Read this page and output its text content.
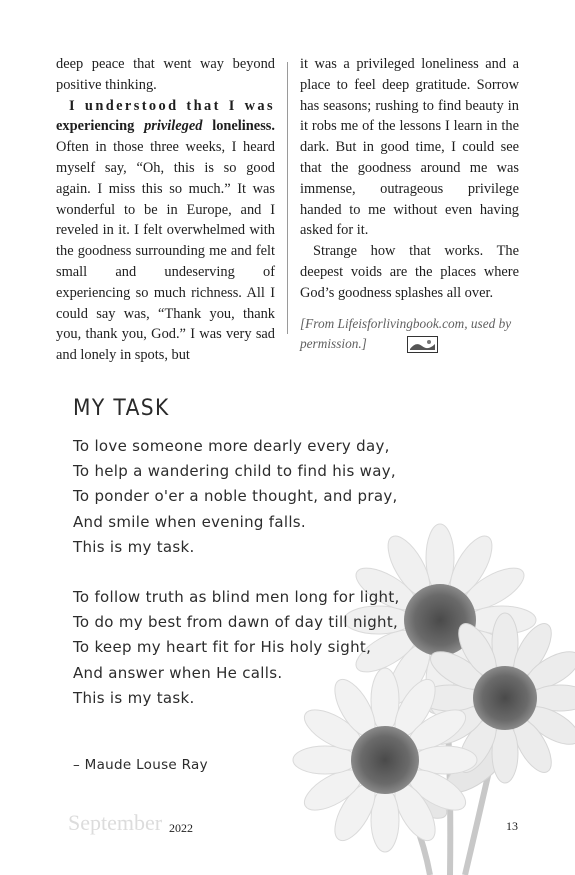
deep peace that went way beyond positive thinking.

I understood that I was experiencing privileged loneliness. Often in those three weeks, I heard myself say, “Oh, this is so good again. I miss this so much.” It was wonderful to be in Europe, and I reveled in it. I felt overwhelmed with the goodness surrounding me and felt small and undeserving of experiencing so much richness. All I could say was, “Thank you, thank you, thank you, God.” I was very sad and lonely in spots, but

it was a privileged loneliness and a place to feel deep gratitude. Sorrow has seasons; rushing to find beauty in it robs me of the lessons I learn in the dark. But in good time, I could see that the goodness around me was immense, outrageous privilege handed to me without even having asked for it.

Strange how that works. The deepest voids are the places where God’s goodness splashes all over.

[From Lifeisforlivingbook.com, used by permission.]

MY TASK
To love someone more dearly every day,
To help a wandering child to find his way,
To ponder o'er a noble thought, and pray,
And smile when evening falls.
This is my task.
To follow truth as blind men long for light,
To do my best from dawn of day till night,
To keep my heart fit for His holy sight,
And answer when He calls.
This is my task.
– Maude Louse Ray
September 2022	13
